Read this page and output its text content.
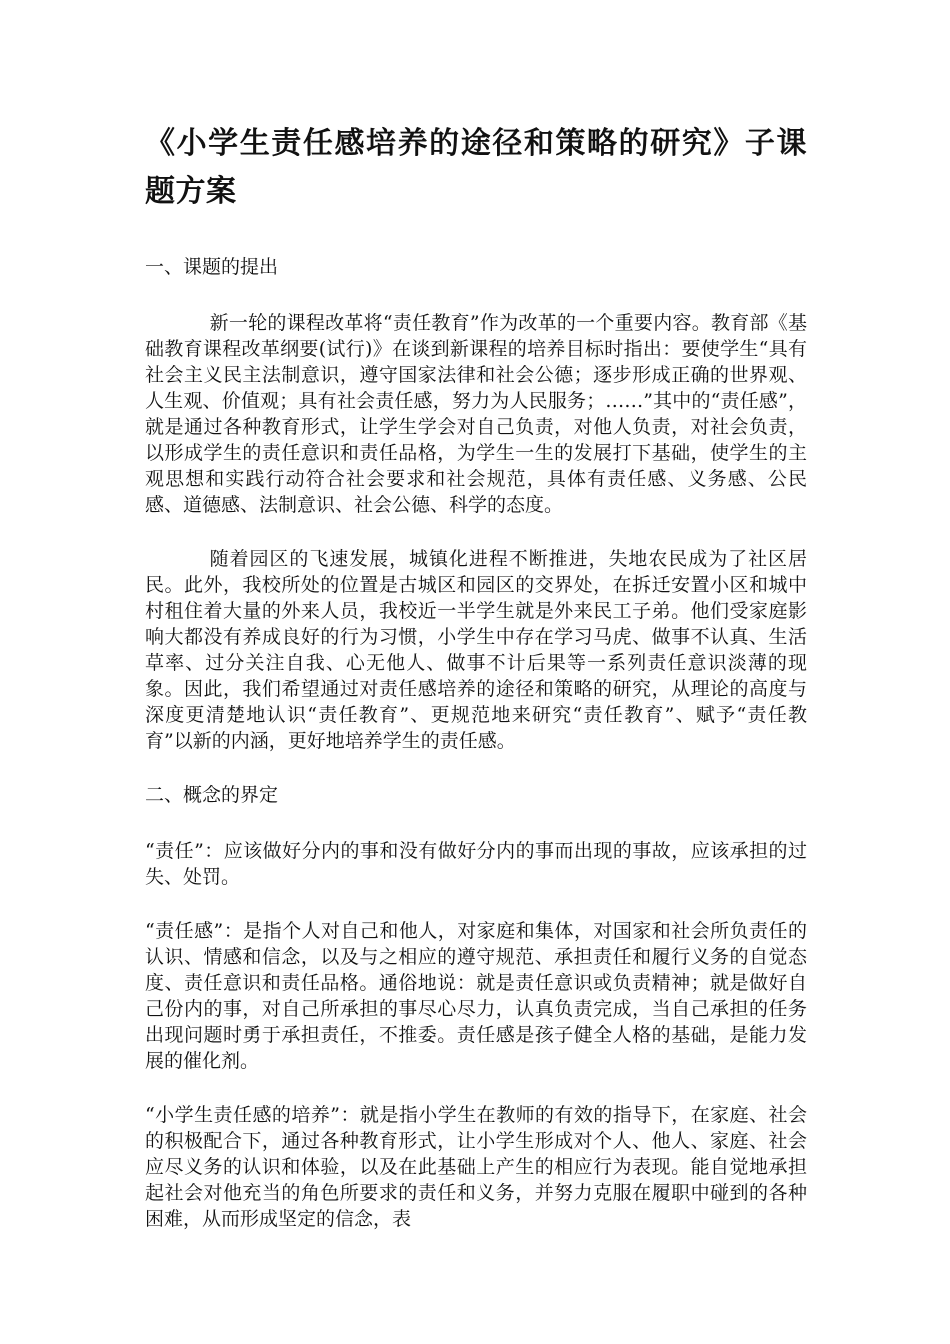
《小学生责任感培养的途径和策略的研究》子课题方案
一、课题的提出

新一轮的课程改革将“责任教育”作为改革的一个重要内容。教育部《基础教育课程改革纲要(试行)》在谈到新课程的培养目标时指出：要使学生“具有社会主义民主法制意识，遵守国家法律和社会公德；逐步形成正确的世界观、人生观、价值观；具有社会责任感，努力为人民服务；……”其中的“责任感”，就是通过各种教育形式，让学生学会对自己负责，对他人负责，对社会负责，以形成学生的责任意识和责任品格，为学生一生的发展打下基础，使学生的主观思想和实践行动符合社会要求和社会规范，具体有责任感、义务感、公民感、道德感、法制意识、社会公德、科学的态度。

随着园区的飞速发展，城镇化进程不断推进，失地农民成为了社区居民。此外，我校所处的位置是古城区和园区的交界处，在拆迁安置小区和城中村租住着大量的外来人员，我校近一半学生就是外来民工子弟。他们受家庭影响大都没有养成良好的行为习惯，小学生中存在学习马虎、做事不认真、生活草率、过分关注自我、心无他人、做事不计后果等一系列责任意识淡薄的现象。因此，我们希望通过对责任感培养的途径和策略的研究，从理论的高度与深度更清楚地认识“责任教育”、更规范地来研究“责任教育”、赋予“责任教育”以新的内涵，更好地培养学生的责任感。

二、概念的界定

“责任”：应该做好分内的事和没有做好分内的事而出现的事故，应该承担的过失、处罚。

“责任感”：是指个人对自己和他人，对家庭和集体，对国家和社会所负责任的认识、情感和信念，以及与之相应的遵守规范、承担责任和履行义务的自觉态度、责任意识和责任品格。通俗地说：就是责任意识或负责精神；就是做好自己份内的事，对自己所承担的事尽心尽力，认真负责完成，当自己承担的任务出现问题时勇于承担责任，不推委。责任感是孩子健全人格的基础，是能力发展的催化剂。

“小学生责任感的培养”：就是指小学生在教师的有效的指导下，在家庭、社会的积极配合下，通过各种教育形式，让小学生形成对个人、他人、家庭、社会应尽义务的认识和体验，以及在此基础上产生的相应行为表现。能自觉地承担起社会对他充当的角色所要求的责任和义务，并努力克服在履职中碰到的各种困难，从而形成坚定的信念，表
